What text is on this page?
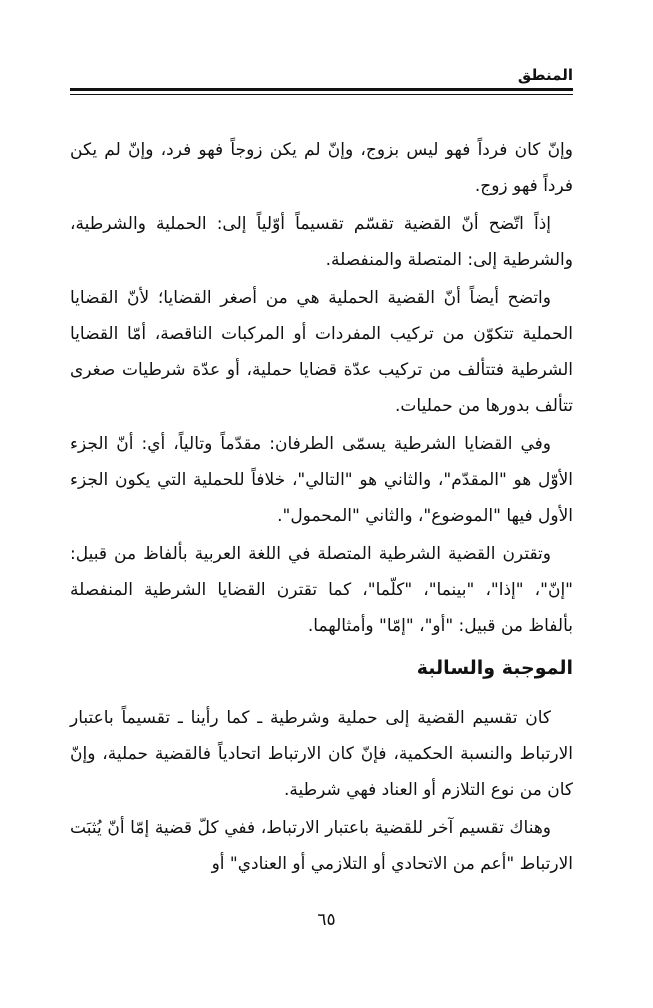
المنطق

وإنّ كان فرداً فهو ليس بزوج، وإنّ لم يكن زوجاً فهو فرد، وإنّ لم يكن فرداً فهو زوج.

إذاً اتّضح أنّ القضية تقسّم تقسيماً أوّلياً إلى: الحملية والشرطية، والشرطية إلى: المتصلة والمنفصلة.

واتضح أيضاً أنّ القضية الحملية هي من أصغر القضايا؛ لأنّ القضايا الحملية تتكوّن من تركيب المفردات أو المركبات الناقصة، أمّا القضايا الشرطية فتتألف من تركيب عدّة قضايا حملية، أو عدّة شرطيات صغرى تتألف بدورها من حمليات.

وفي القضايا الشرطية يسمّى الطرفان: مقدّماً وتالياً، أي: أنّ الجزء الأوّل هو "المقدّم"، والثاني هو "التالي"، خلافاً للحملية التي يكون الجزء الأول فيها "الموضوع"، والثاني "المحمول".

وتقترن القضية الشرطية المتصلة في اللغة العربية بألفاظ من قبيل: "إنّ"، "إذا"، "بينما"، "كلّما"، كما تقترن القضايا الشرطية المنفصلة بألفاظ من قبيل: "أو"، "إمّا" وأمثالهما.

الموجبة والسالبة

كان تقسيم القضية إلى حملية وشرطية ـ كما رأينا ـ تقسيماً باعتبار الارتباط والنسبة الحكمية، فإنّ كان الارتباط اتحادياً فالقضية حملية، وإنّ كان من نوع التلازم أو العناد فهي شرطية.

وهناك تقسيم آخر للقضية باعتبار الارتباط، ففي كلّ قضية إمّا أنّ يُثبَت الارتباط "أعم من الاتحادي أو التلازمي أو العنادي" أو

٦٥
